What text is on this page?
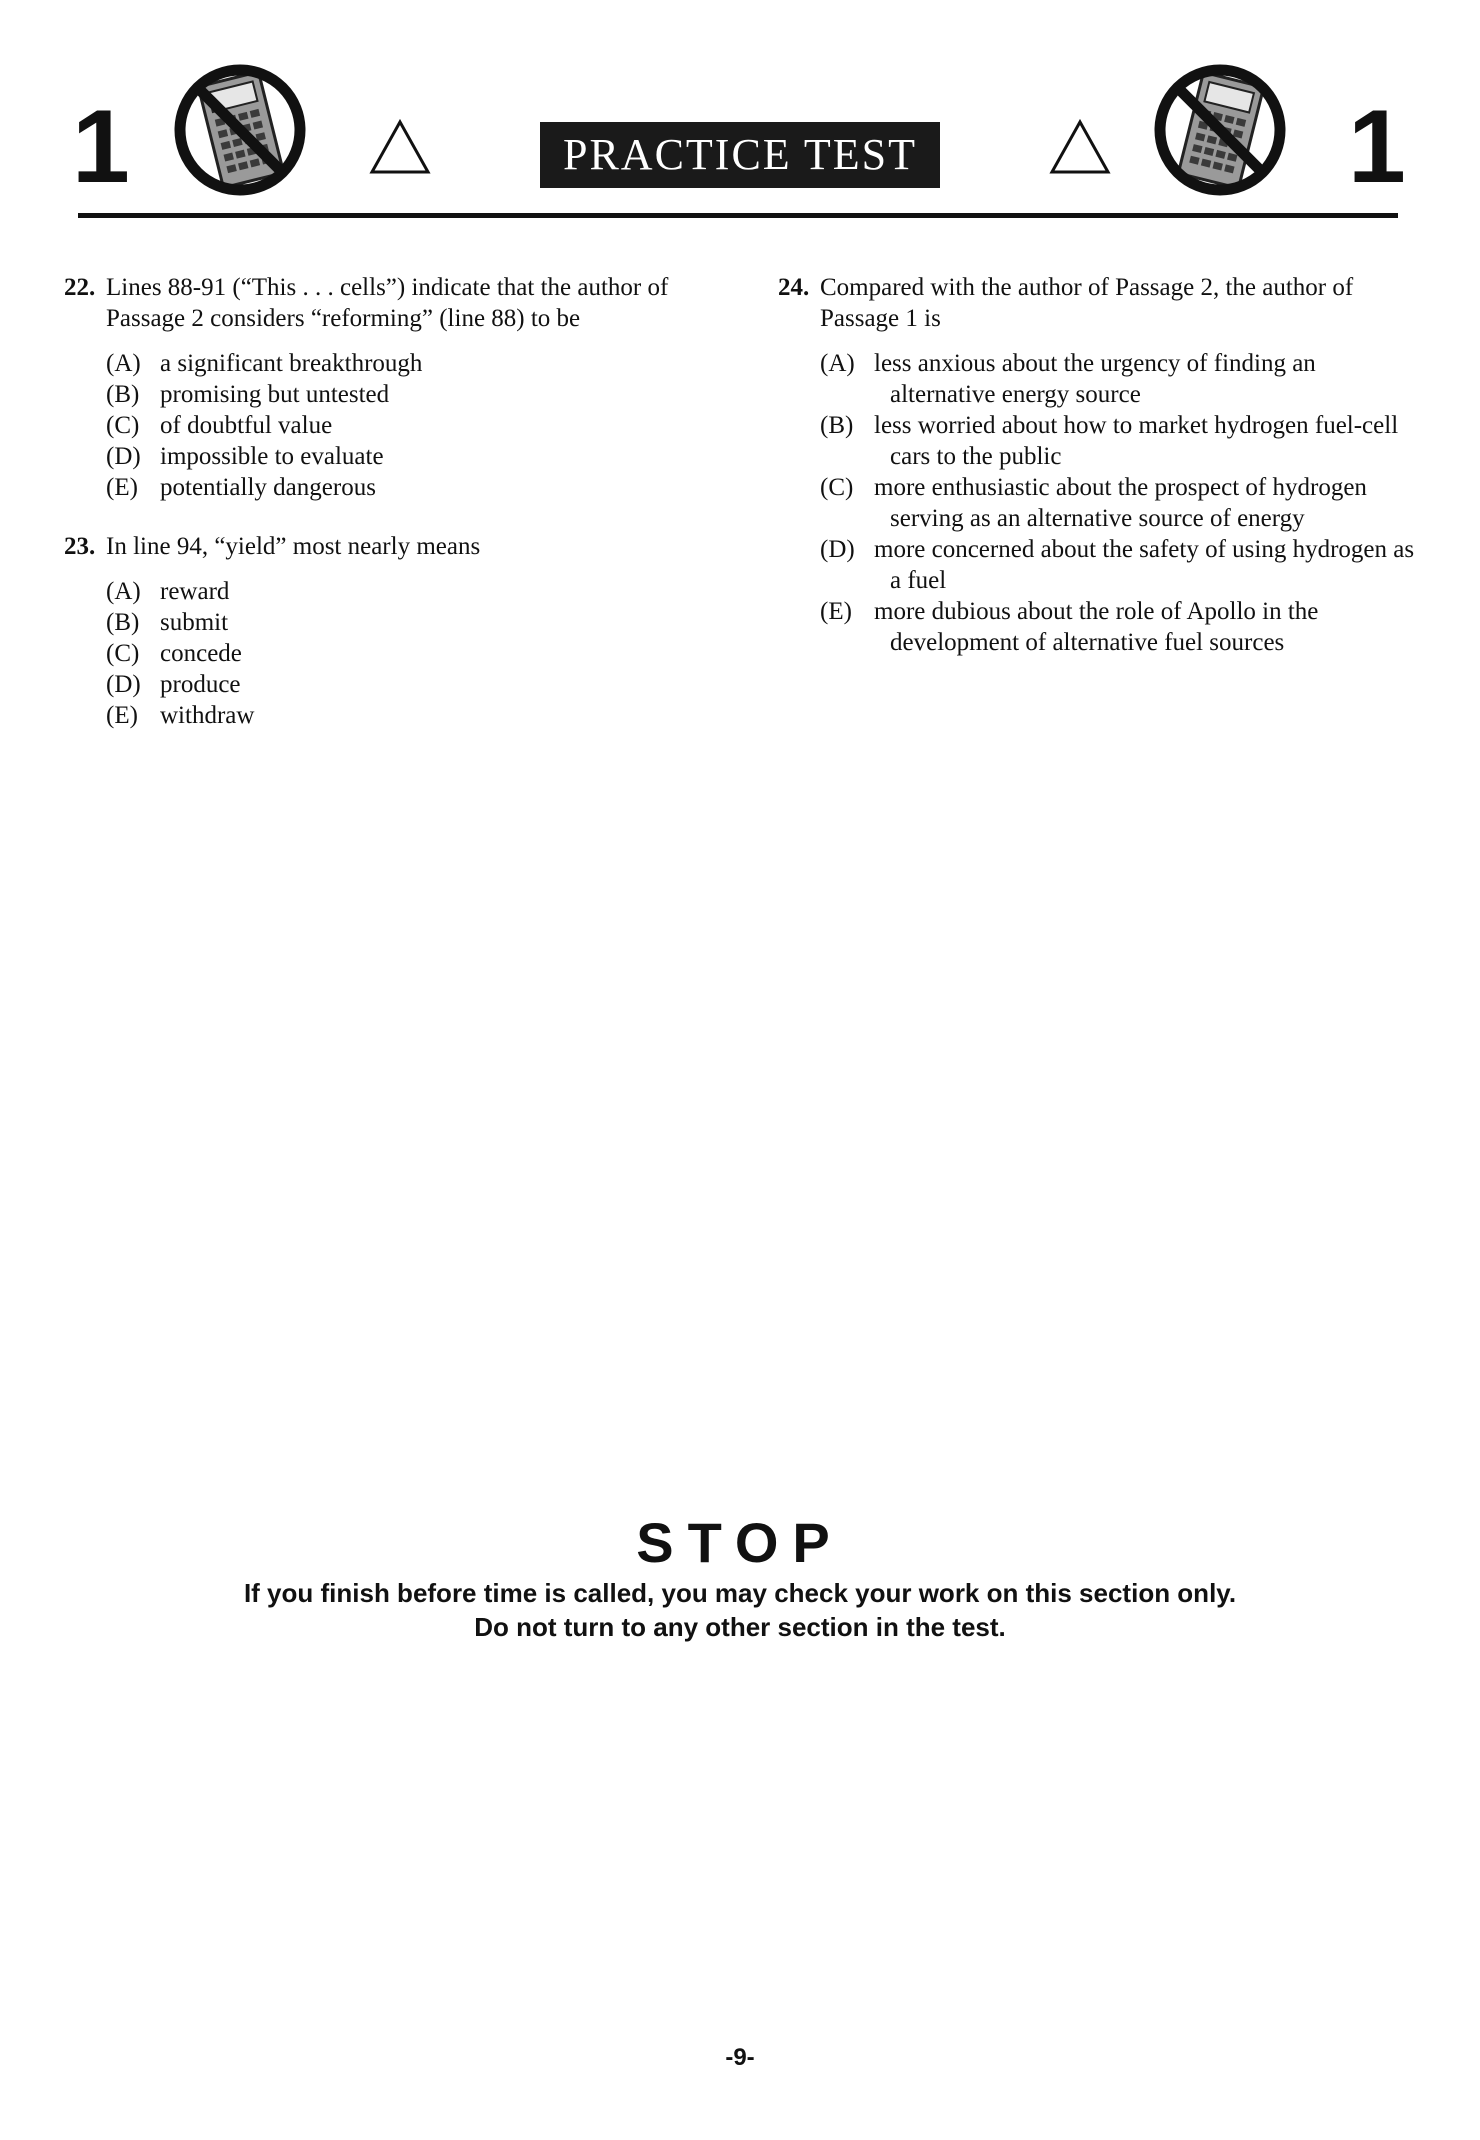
1	PRACTICE TEST	1
22. Lines 88-91 (“This . . . cells”) indicate that the author of Passage 2 considers “reforming” (line 88) to be
(A) a significant breakthrough
(B) promising but untested
(C) of doubtful value
(D) impossible to evaluate
(E) potentially dangerous
23. In line 94, “yield” most nearly means
(A) reward
(B) submit
(C) concede
(D) produce
(E) withdraw
24. Compared with the author of Passage 2, the author of Passage 1 is
(A) less anxious about the urgency of finding an alternative energy source
(B) less worried about how to market hydrogen fuel-cell cars to the public
(C) more enthusiastic about the prospect of hydrogen serving as an alternative source of energy
(D) more concerned about the safety of using hydrogen as a fuel
(E) more dubious about the role of Apollo in the development of alternative fuel sources
STOP
If you finish before time is called, you may check your work on this section only.
Do not turn to any other section in the test.
-9-
